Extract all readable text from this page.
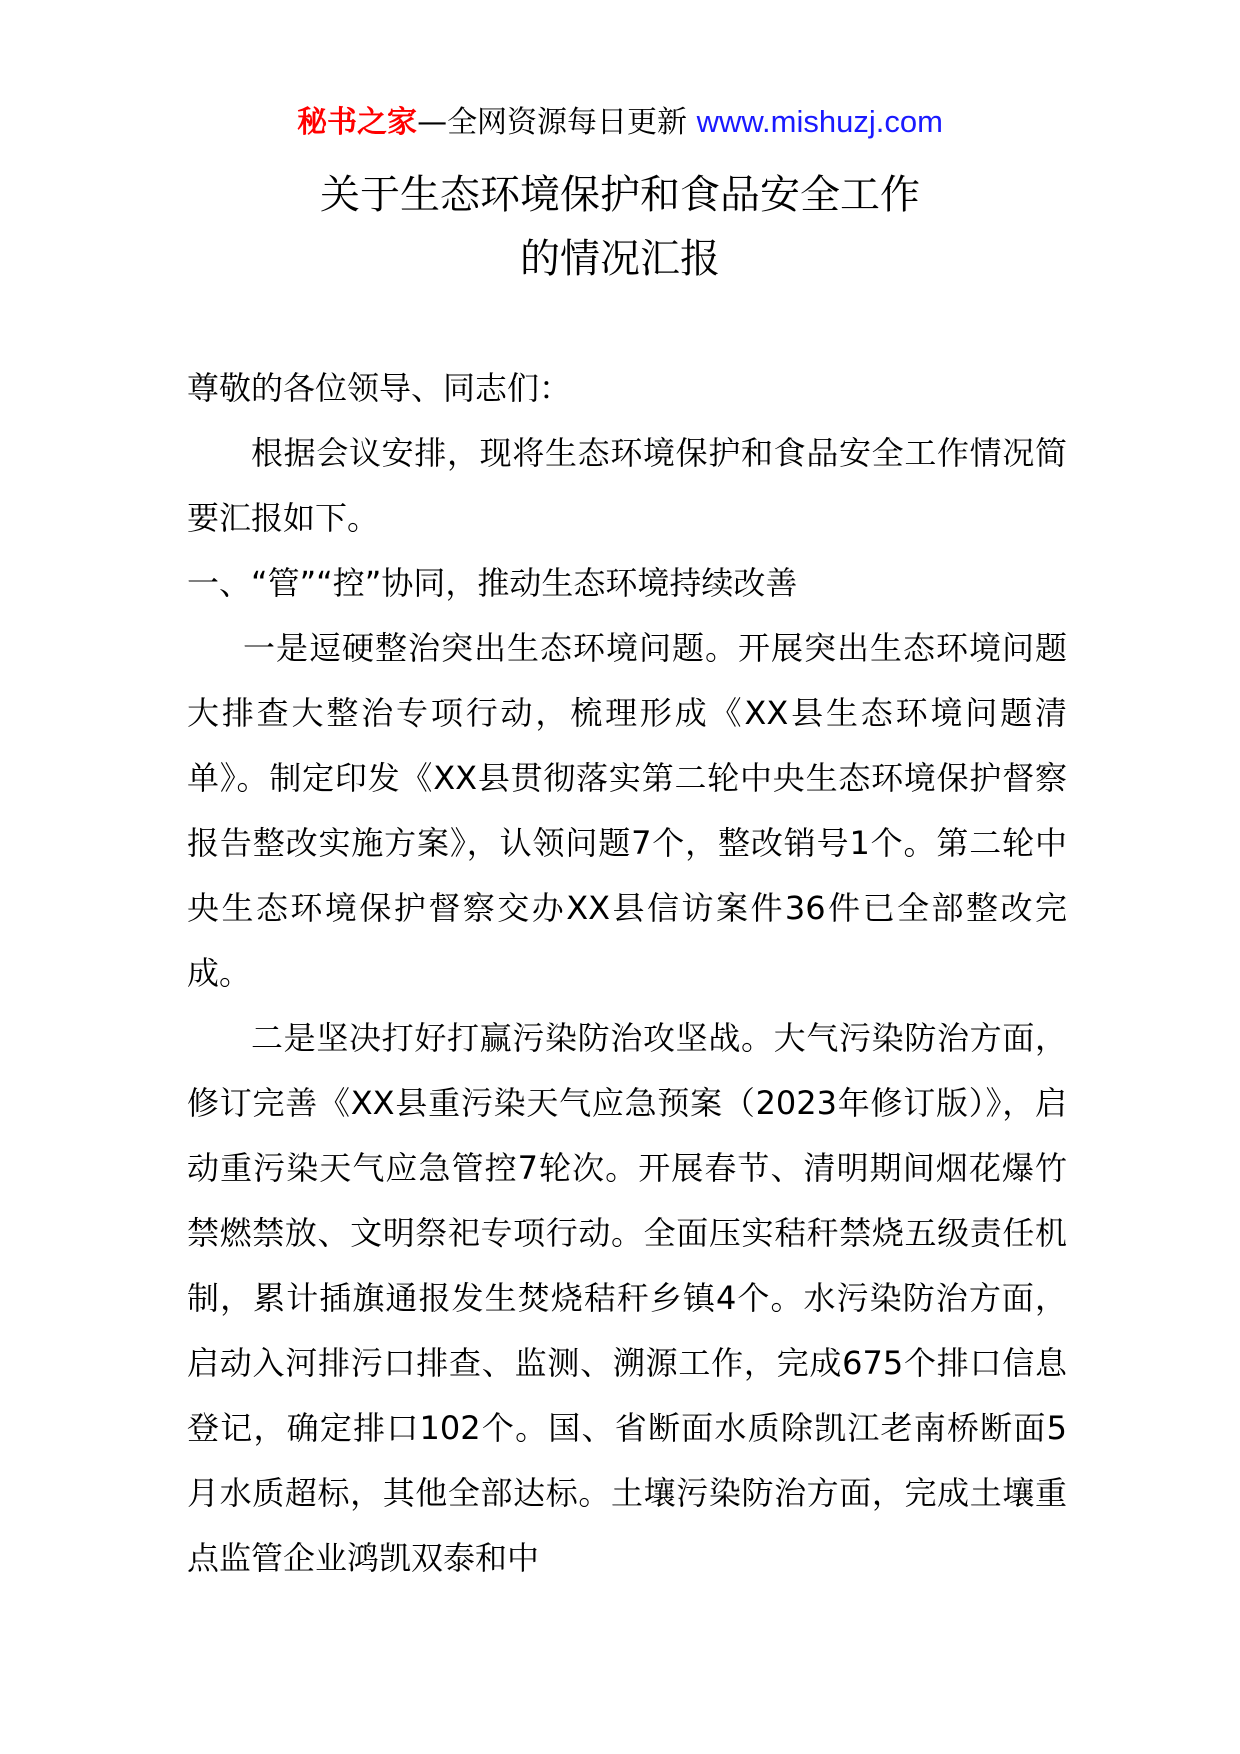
秘书之家—全网资源每日更新 www.mishuzj.com
关于生态环境保护和食品安全工作
的情况汇报

尊敬的各位领导、同志们：

根据会议安排，现将生态环境保护和食品安全工作情况简要汇报如下。

一、“管”“控”协同，推动生态环境持续改善

一是逗硬整治突出生态环境问题。开展突出生态环境问题大排查大整治专项行动，梳理形成《XX县生态环境问题清单》。制定印发《XX县贯彻落实第二轮中央生态环境保护督察报告整改实施方案》，认领问题7个，整改销号1个。第二轮中央生态环境保护督察交办XX县信访案件36件已全部整改完成。

二是坚决打好打赢污染防治攻坚战。大气污染防治方面，修订完善《XX县重污染天气应急预案（2023年修订版）》，启动重污染天气应急管控7轮次。开展春节、清明期间烟花爆竹禁燃禁放、文明祭祀专项行动。全面压实秸秆禁烧五级责任机制，累计插旗通报发生焚烧秸秆乡镇4个。水污染防治方面，启动入河排污口排查、监测、溯源工作，完成675个排口信息登记，确定排口102个。国、省断面水质除凯江老南桥断面5月水质超标，其他全部达标。土壤污染防治方面，完成土壤重点监管企业鸿凯双泰和中
